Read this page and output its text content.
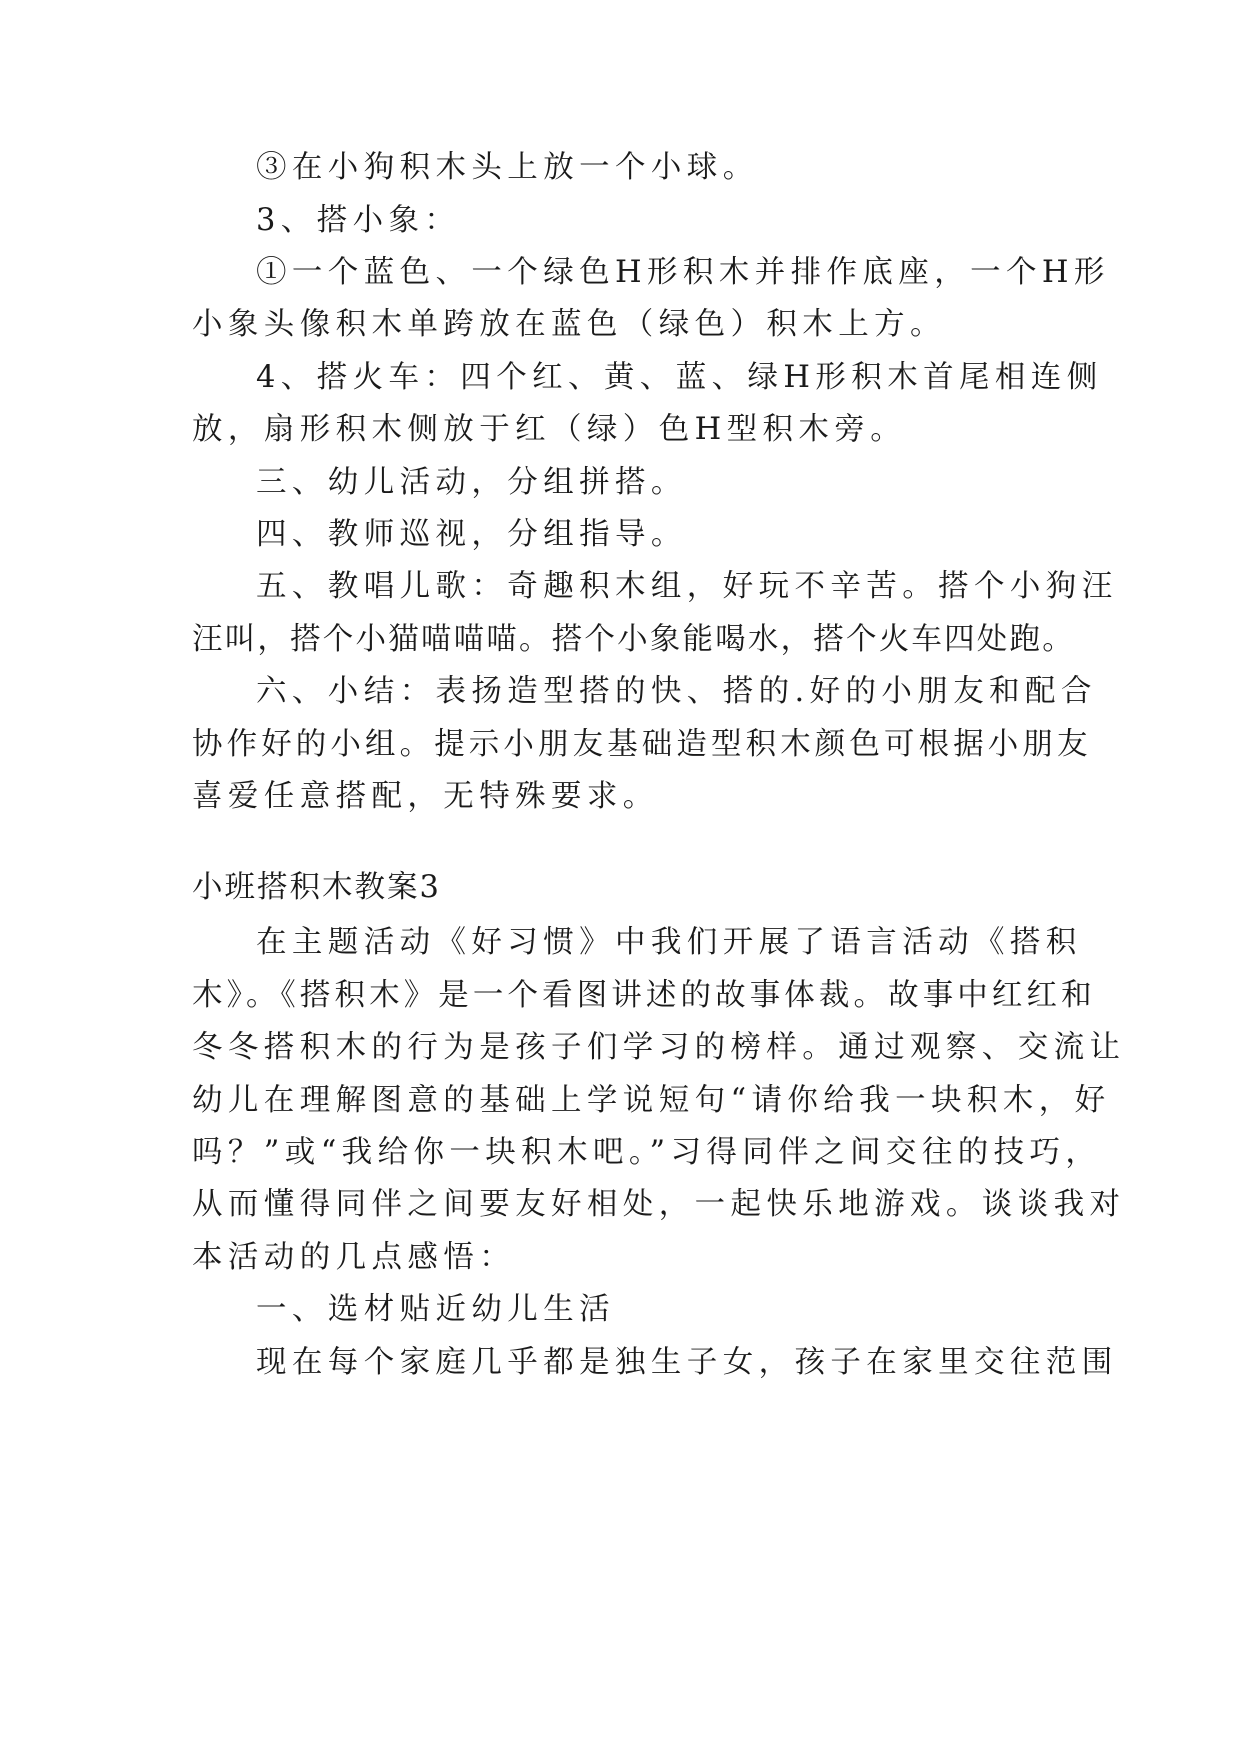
③在小狗积木头上放一个小球。
3、搭小象：
①一个蓝色、一个绿色H形积木并排作底座，一个H形
小象头像积木单跨放在蓝色（绿色）积木上方。
4、搭火车：四个红、黄、蓝、绿H形积木首尾相连侧
放，扇形积木侧放于红（绿）色H型积木旁。
三、幼儿活动，分组拼搭。
四、教师巡视，分组指导。
五、教唱儿歌：奇趣积木组，好玩不辛苦。搭个小狗汪
汪叫，搭个小猫喵喵喵。搭个小象能喝水，搭个火车四处跑。
六、小结：表扬造型搭的快、搭的.好的小朋友和配合
协作好的小组。提示小朋友基础造型积木颜色可根据小朋友
喜爱任意搭配，无特殊要求。
小班搭积木教案3
在主题活动《好习惯》中我们开展了语言活动《搭积
木》。《搭积木》是一个看图讲述的故事体裁。故事中红红和
冬冬搭积木的行为是孩子们学习的榜样。通过观察、交流让
幼儿在理解图意的基础上学说短句“请你给我一块积木，好
吗？”或“我给你一块积木吧。”习得同伴之间交往的技巧，
从而懂得同伴之间要友好相处，一起快乐地游戏。谈谈我对
本活动的几点感悟：
一、选材贴近幼儿生活
现在每个家庭几乎都是独生子女，孩子在家里交往范围
